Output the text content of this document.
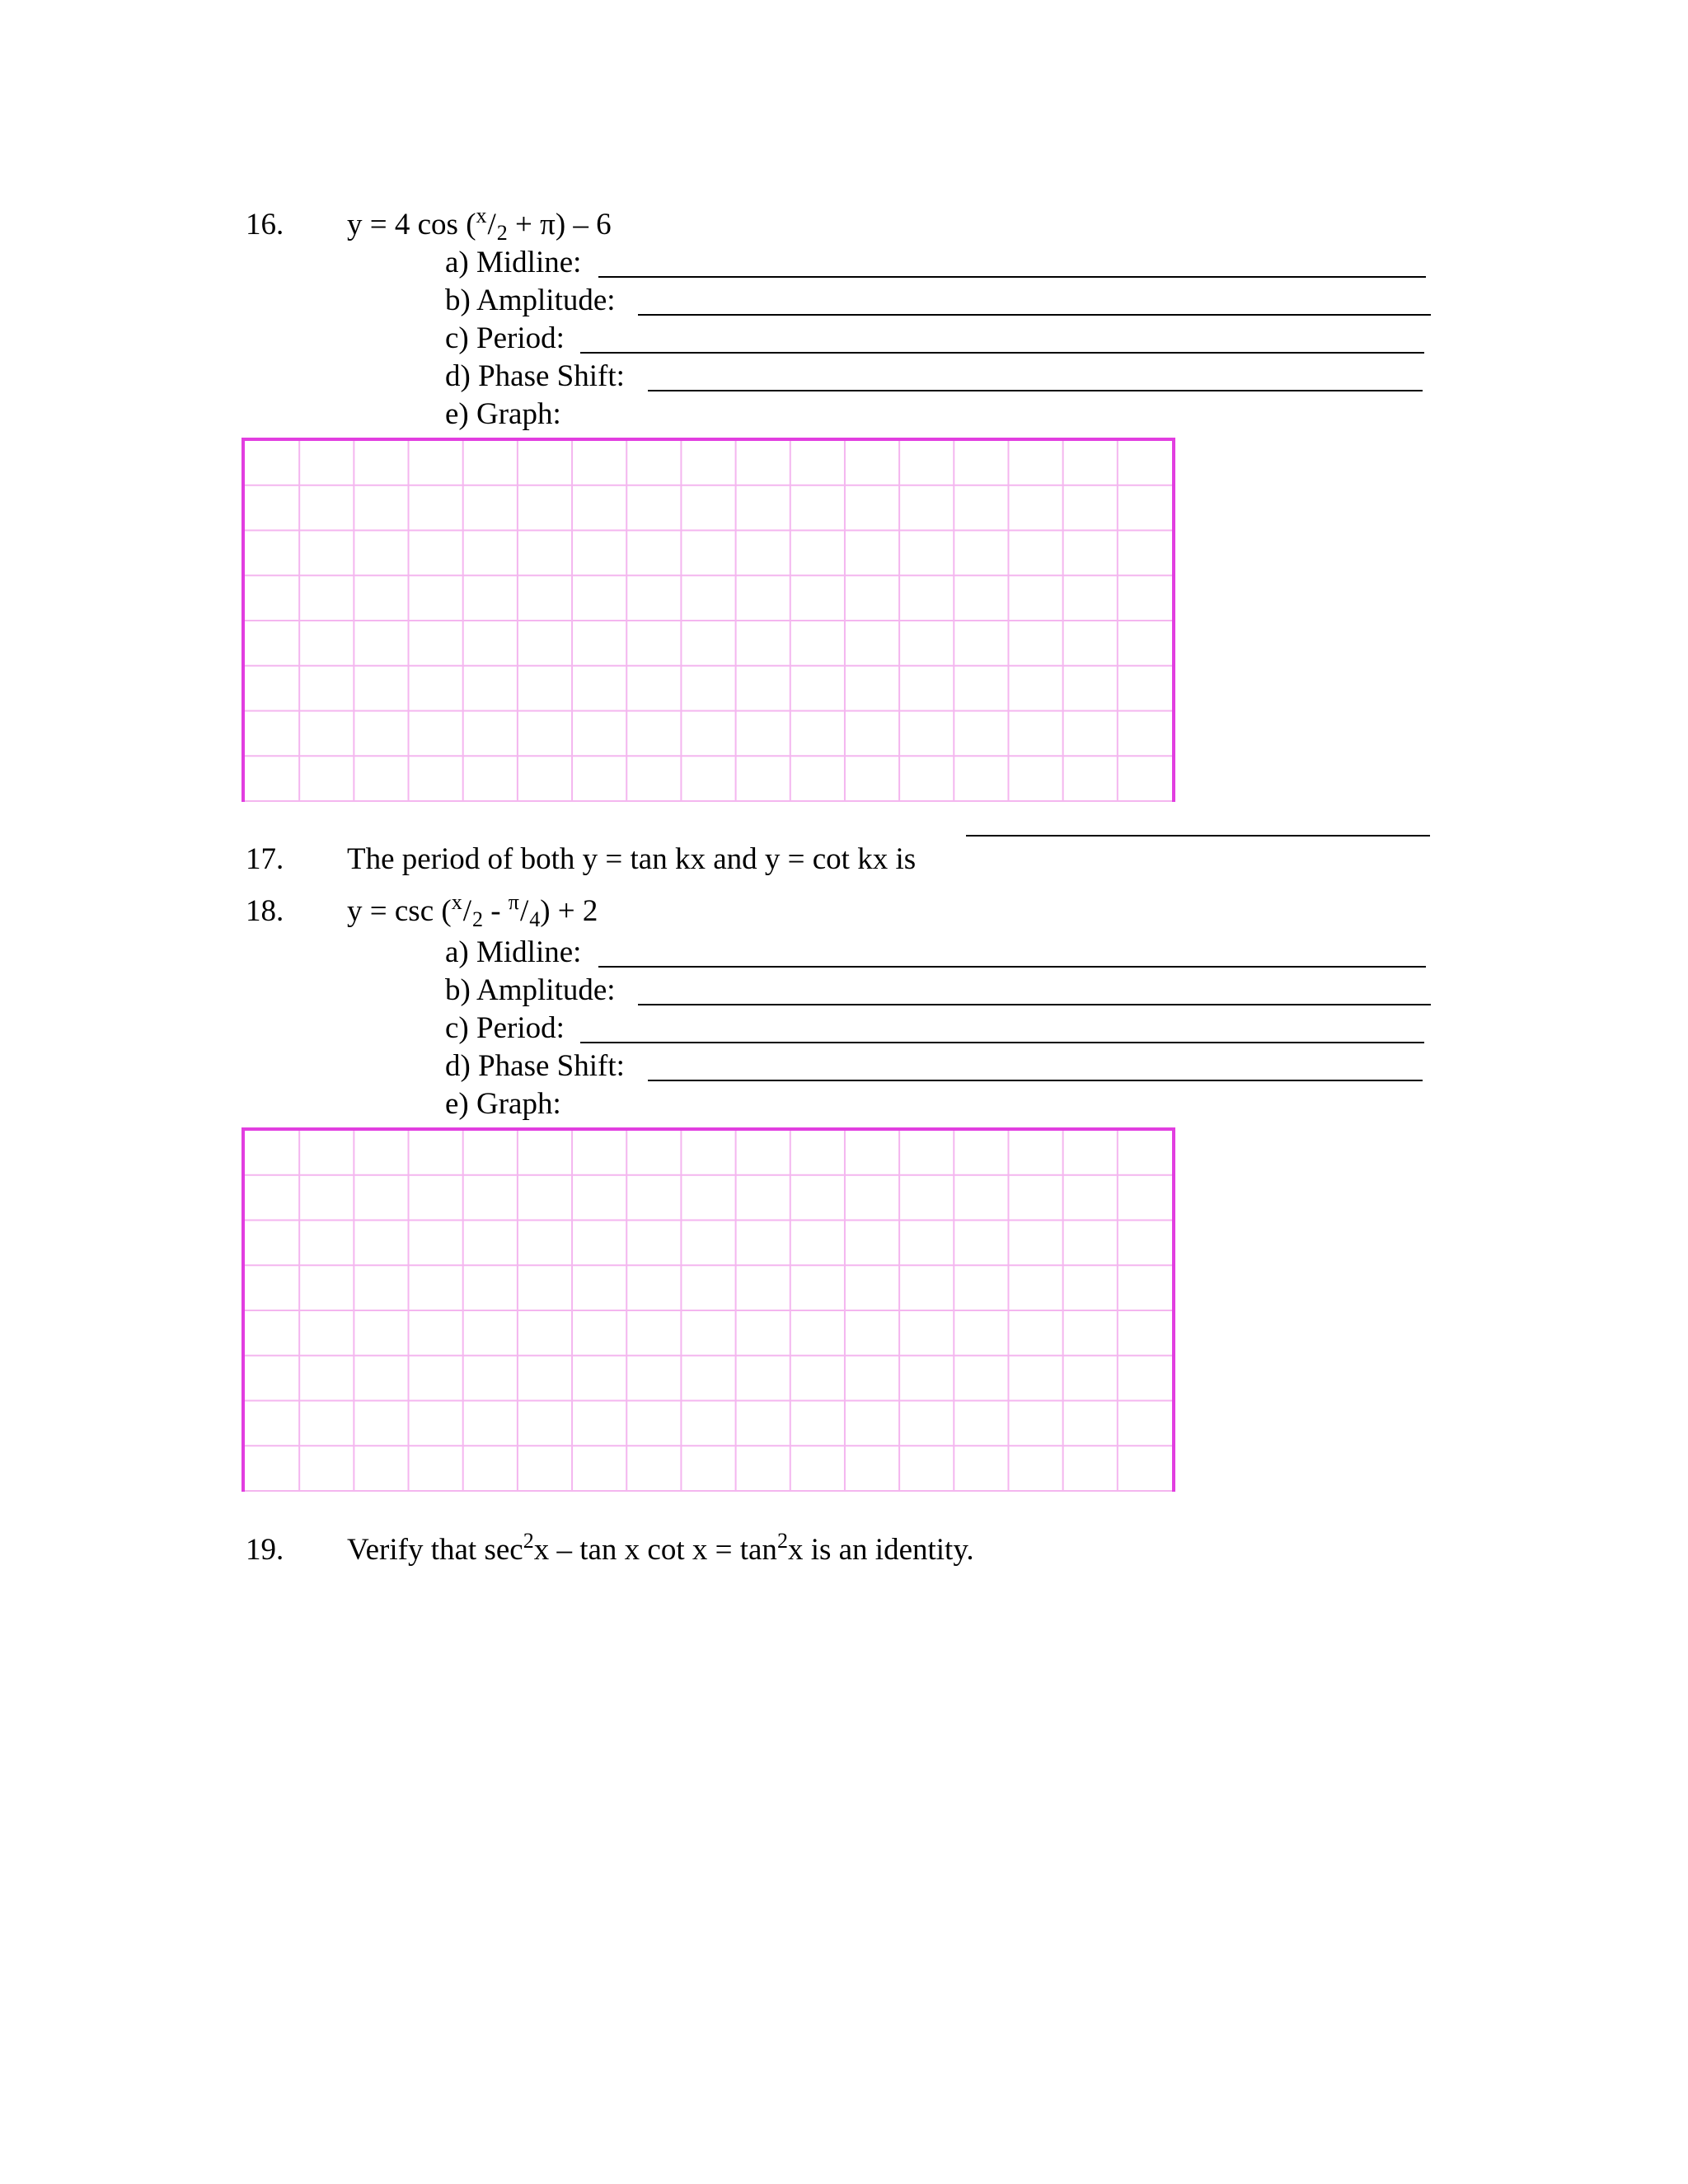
16. y = 4 $\cos (^x/_2 + \pi) - 6$
a) Midline:
b) Amplitude:
c) Period:
d) Phase Shift:
e) Graph:
17. The period of both y = tan kx and y = cot kx is
18. $y = \csc (^x/_2 - ^\pi/_4) + 2$
a) Midline:
b) Amplitude:
c) Period:
d) Phase Shift:
e) Graph:
19. Verify that $\sec^2x$ – tan x $\cot x = \tan^2x$ is an identity.
